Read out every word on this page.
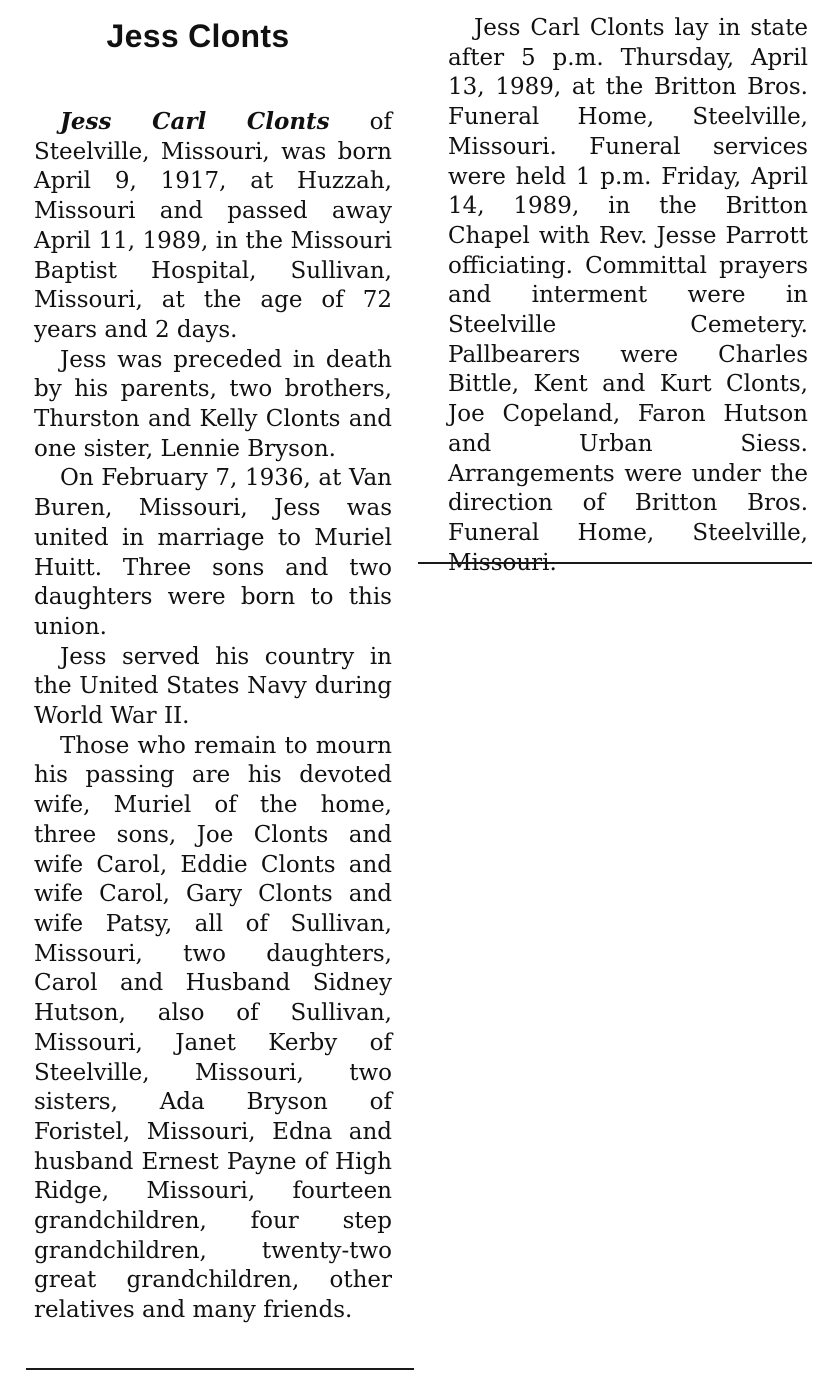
Jess Clonts

Jess Carl Clonts of Steelville, Missouri, was born April 9, 1917, at Huzzah, Missouri and passed away April 11, 1989, in the Missouri Baptist Hospital, Sullivan, Missouri, at the age of 72 years and 2 days.

Jess was preceded in death by his parents, two brothers, Thurston and Kelly Clonts and one sister, Lennie Bryson.

On February 7, 1936, at Van Buren, Missouri, Jess was united in marriage to Muriel Huitt. Three sons and two daughters were born to this union.

Jess served his country in the United States Navy during World War II.

Those who remain to mourn his passing are his devoted wife, Muriel of the home, three sons, Joe Clonts and wife Carol, Eddie Clonts and wife Carol, Gary Clonts and wife Patsy, all of Sullivan, Missouri, two daughters, Carol and Husband Sidney Hutson, also of Sullivan, Missouri, Janet Kerby of Steelville, Missouri, two sisters, Ada Bryson of Foristel, Missouri, Edna and husband Ernest Payne of High Ridge, Missouri, fourteen grandchildren, four step grandchildren, twenty-two great grandchildren, other relatives and many friends.

Jess Carl Clonts lay in state after 5 p.m. Thursday, April 13, 1989, at the Britton Bros. Funeral Home, Steelville, Missouri. Funeral services were held 1 p.m. Friday, April 14, 1989, in the Britton Chapel with Rev. Jesse Parrott officiating. Committal prayers and interment were in Steelville Cemetery. Pallbearers were Charles Bittle, Kent and Kurt Clonts, Joe Copeland, Faron Hutson and Urban Siess. Arrangements were under the direction of Britton Bros. Funeral Home, Steelville, Missouri.
